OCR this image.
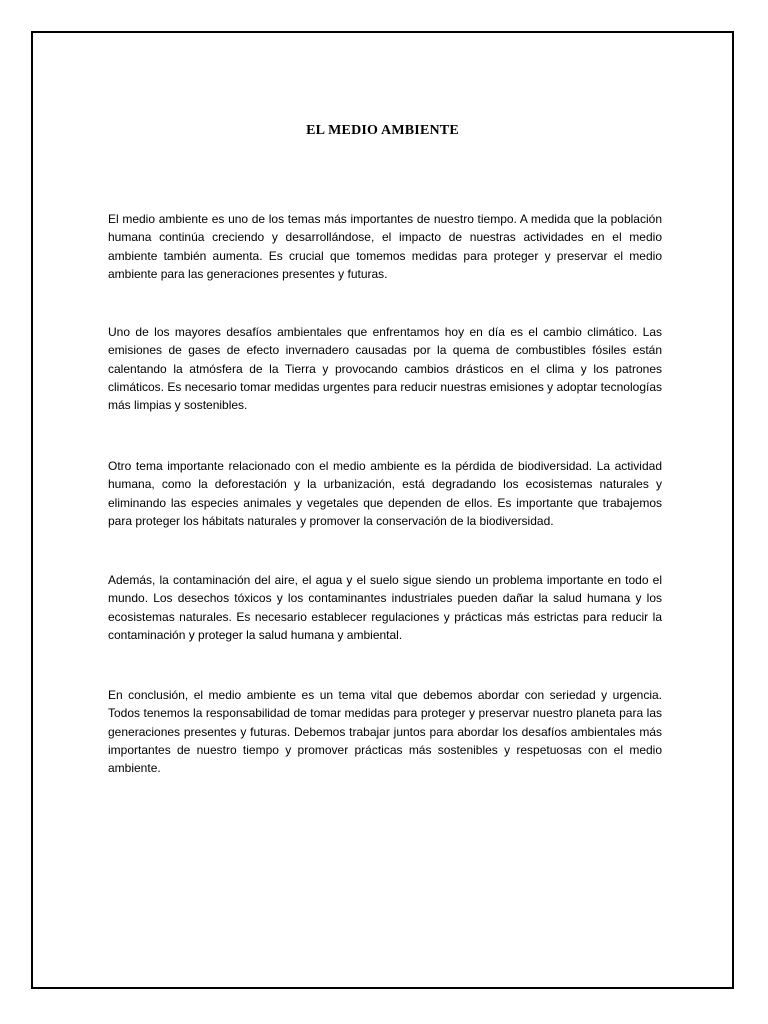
EL MEDIO AMBIENTE

El medio ambiente es uno de los temas más importantes de nuestro tiempo. A medida que la población humana continúa creciendo y desarrollándose, el impacto de nuestras actividades en el medio ambiente también aumenta. Es crucial que tomemos medidas para proteger y preservar el medio ambiente para las generaciones presentes y futuras.

Uno de los mayores desafíos ambientales que enfrentamos hoy en día es el cambio climático. Las emisiones de gases de efecto invernadero causadas por la quema de combustibles fósiles están calentando la atmósfera de la Tierra y provocando cambios drásticos en el clima y los patrones climáticos. Es necesario tomar medidas urgentes para reducir nuestras emisiones y adoptar tecnologías más limpias y sostenibles.

Otro tema importante relacionado con el medio ambiente es la pérdida de biodiversidad. La actividad humana, como la deforestación y la urbanización, está degradando los ecosistemas naturales y eliminando las especies animales y vegetales que dependen de ellos. Es importante que trabajemos para proteger los hábitats naturales y promover la conservación de la biodiversidad.

Además, la contaminación del aire, el agua y el suelo sigue siendo un problema importante en todo el mundo. Los desechos tóxicos y los contaminantes industriales pueden dañar la salud humana y los ecosistemas naturales. Es necesario establecer regulaciones y prácticas más estrictas para reducir la contaminación y proteger la salud humana y ambiental.

En conclusión, el medio ambiente es un tema vital que debemos abordar con seriedad y urgencia. Todos tenemos la responsabilidad de tomar medidas para proteger y preservar nuestro planeta para las generaciones presentes y futuras. Debemos trabajar juntos para abordar los desafíos ambientales más importantes de nuestro tiempo y promover prácticas más sostenibles y respetuosas con el medio ambiente.
